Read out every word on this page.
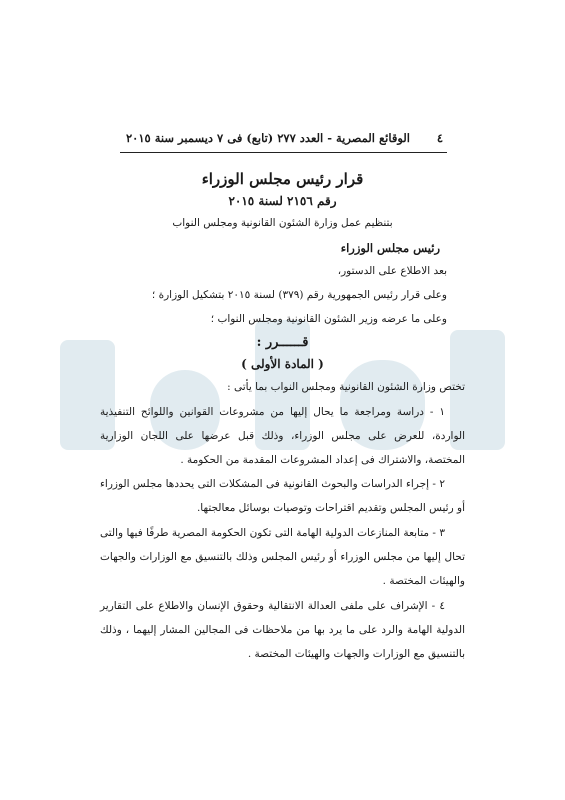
٤
الوقائع المصرية - العدد ٢٧٧ (تابع) فى ٧ ديسمبر سنة ٢٠١٥
قرار رئيس مجلس الوزراء
رقم ٢١٥٦ لسنة ٢٠١٥
بتنظيم عمل وزارة الشئون القانونية ومجلس النواب
رئيس مجلس الوزراء
بعد الاطلاع على الدستور،
وعلى قرار رئيس الجمهورية رقم (٣٧٩) لسنة ٢٠١٥ بتشكيل الوزارة ؛
وعلى ما عرضه وزير الشئون القانونية ومجلس النواب ؛
قــــــرر :
( المادة الأولى )
تختص وزارة الشئون القانونية ومجلس النواب بما يأتى :
١ - دراسة ومراجعة ما يحال إليها من مشروعات القوانين واللوائح التنفيذية الواردة، للعرض على مجلس الوزراء، وذلك قبل عرضها على اللجان الوزارية المختصة، والاشتراك فى إعداد المشروعات المقدمة من الحكومة .
٢ - إجراء الدراسات والبحوث القانونية فى المشكلات التى يحددها مجلس الوزراء أو رئيس المجلس وتقديم اقتراحات وتوصيات بوسائل معالجتها.
٣ - متابعة المنازعات الدولية الهامة التى تكون الحكومة المصرية طرفًا فيها والتى تحال إليها من مجلس الوزراء أو رئيس المجلس وذلك بالتنسيق مع الوزارات والجهات والهيئات المختصة .
٤ - الإشراف على ملفى العدالة الانتقالية وحقوق الإنسان والاطلاع على التقارير الدولية الهامة والرد على ما يرد بها من ملاحظات فى المجالين المشار إليهما ، وذلك بالتنسيق مع الوزارات والجهات والهيئات المختصة .
